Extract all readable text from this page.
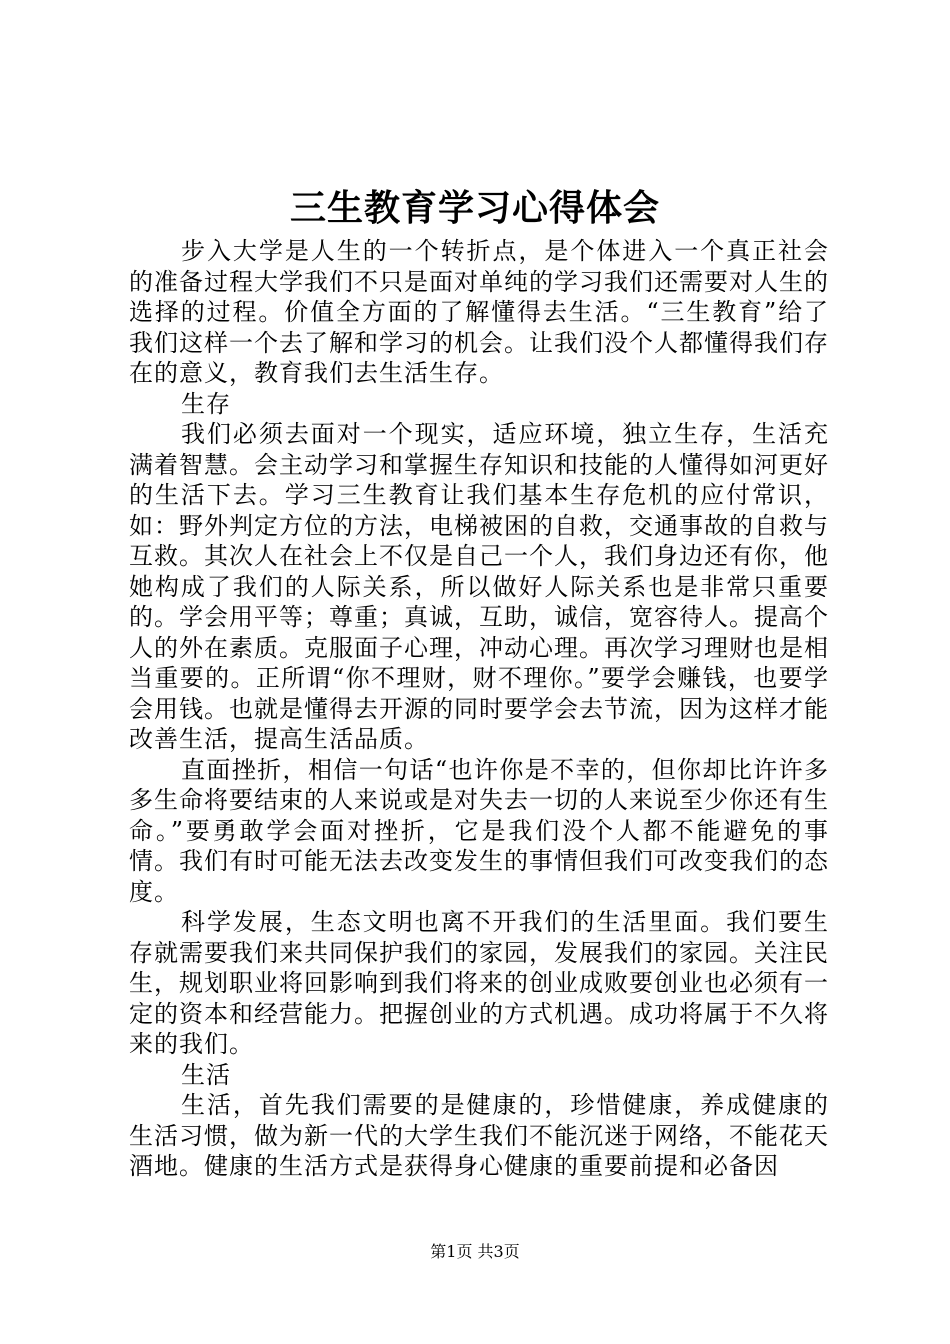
三生教育学习心得体会

步入大学是人生的一个转折点，是个体进入一个真正社会的准备过程大学我们不只是面对单纯的学习我们还需要对人生的选择的过程。价值全方面的了解懂得去生活。“三生教育”给了我们这样一个去了解和学习的机会。让我们没个人都懂得我们存在的意义，教育我们去生活生存。

生存

我们必须去面对一个现实，适应环境，独立生存，生活充满着智慧。会主动学习和掌握生存知识和技能的人懂得如河更好的生活下去。学习三生教育让我们基本生存危机的应付常识，如：野外判定方位的方法，电梯被困的自救，交通事故的自救与互救。其次人在社会上不仅是自己一个人，我们身边还有你，他她构成了我们的人际关系，所以做好人际关系也是非常只重要的。学会用平等；尊重；真诚，互助，诚信，宽容待人。提高个人的外在素质。克服面子心理，冲动心理。再次学习理财也是相当重要的。正所谓“你不理财，财不理你。”要学会赚钱，也要学会用钱。也就是懂得去开源的同时要学会去节流，因为这样才能改善生活，提高生活品质。

直面挫折，相信一句话“也许你是不幸的，但你却比许许多多生命将要结束的人来说或是对失去一切的人来说至少你还有生命。”要勇敢学会面对挫折，它是我们没个人都不能避免的事情。我们有时可能无法去改变发生的事情但我们可改变我们的态度。

科学发展，生态文明也离不开我们的生活里面。我们要生存就需要我们来共同保护我们的家园，发展我们的家园。关注民生，规划职业将回影响到我们将来的创业成败要创业也必须有一定的资本和经营能力。把握创业的方式机遇。成功将属于不久将来的我们。

生活

生活，首先我们需要的是健康的，珍惜健康，养成健康的生活习惯，做为新一代的大学生我们不能沉迷于网络，不能花天酒地。健康的生活方式是获得身心健康的重要前提和必备因

第1页 共3页
